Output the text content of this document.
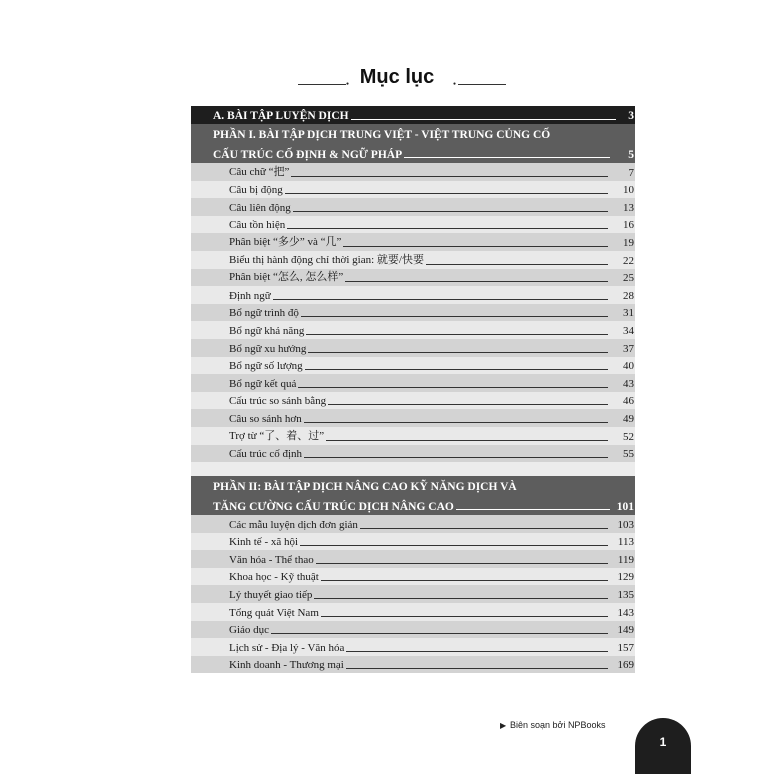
● Mục lục	●
A. BÀI TẬP LUYỆN DỊCH	3
PHẦN I. BÀI TẬP DỊCH TRUNG VIỆT - VIỆT TRUNG CỦNG CỐ
CẤU TRÚC CỐ ĐỊNH & NGỮ PHÁP	5
Câu chữ “把”	7
Câu bị động	10
Câu liên động	13
Câu tồn hiện	16
Phân biệt “多少” và “几”	19
Biểu thị hành động chỉ thời gian: 就要/快要	22
Phân biệt “怎么, 怎么样”	25
Định ngữ	28
Bổ ngữ trình độ	31
Bổ ngữ khả năng	34
Bổ ngữ xu hướng	37
Bổ ngữ số lượng	40
Bổ ngữ kết quả	43
Cấu trúc so sánh bằng	46
Câu so sánh hơn	49
Trợ từ “了、着、过”	52
Cấu trúc cố định	55
PHẦN II: BÀI TẬP DỊCH NÂNG CAO KỸ NĂNG DỊCH VÀ
TĂNG CƯỜNG CẤU TRÚC DỊCH NÂNG CAO	101
Các mẫu luyện dịch đơn giản	103
Kinh tế - xã hội	113
Văn hóa - Thể thao	119
Khoa học - Kỹ thuật	129
Lý thuyết giao tiếp	135
Tổng quát Việt Nam	143
Giáo dục	149
Lịch sử - Địa lý - Văn hóa	157
Kinh doanh - Thương mại	169
▶ Biên soạn bởi NPBooks
1
